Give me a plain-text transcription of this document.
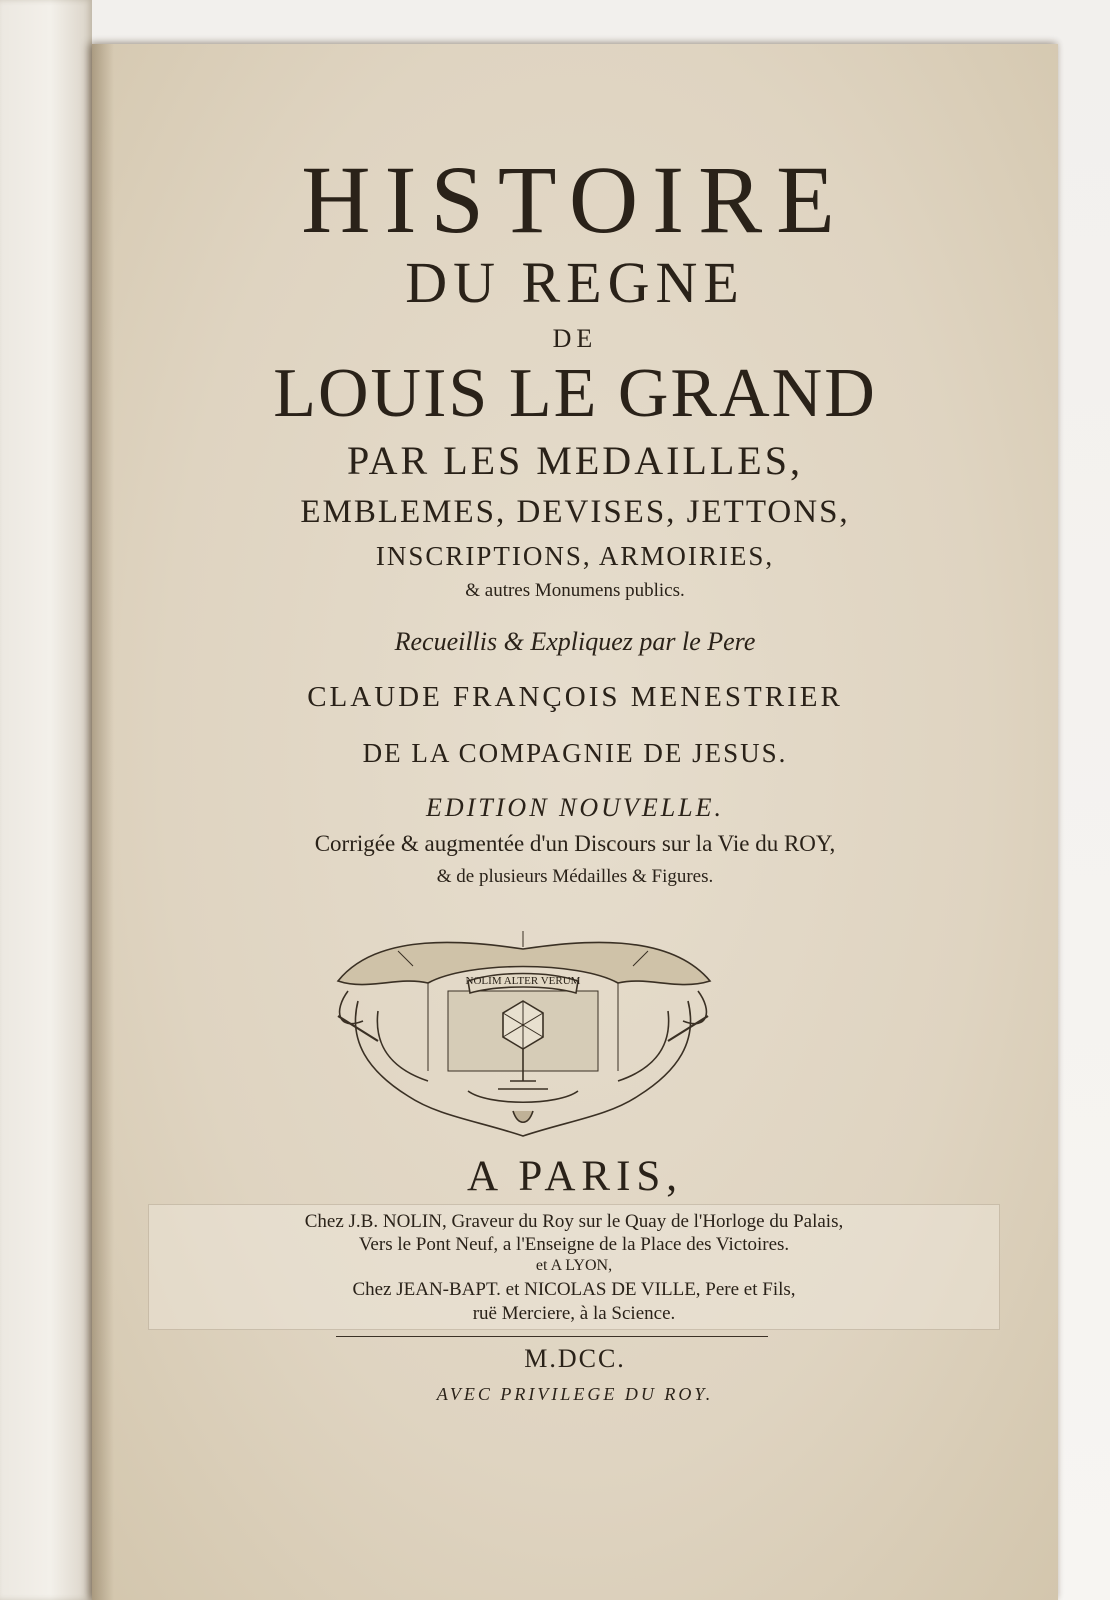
HISTOIRE
DU REGNE
DE
LOUIS LE GRAND
PAR LES MEDAILLES,
EMBLEMES, DEVISES, JETTONS,
INSCRIPTIONS, ARMOIRIES,
& autres Monumens publics.
Recueillis & Expliquez par le Pere
CLAUDE FRANÇOIS MENESTRIER
DE LA COMPAGNIE DE JESUS.
EDITION NOUVELLE.
Corrigée & augmentée d'un Discours sur la Vie du ROY,
& de plusieurs Médailles & Figures.
NOLIM ALTER VERUM
A PARIS,
Chez J.B. NOLIN, Graveur du Roy sur le Quay de l'Horloge du Palais,
Vers le Pont Neuf, a l'Enseigne de la Place des Victoires.
et A LYON,
Chez JEAN-BAPT. et NICOLAS DE VILLE, Pere et Fils,
ruë Merciere, à la Science.
M.DCC.
AVEC PRIVILEGE DU ROY.
